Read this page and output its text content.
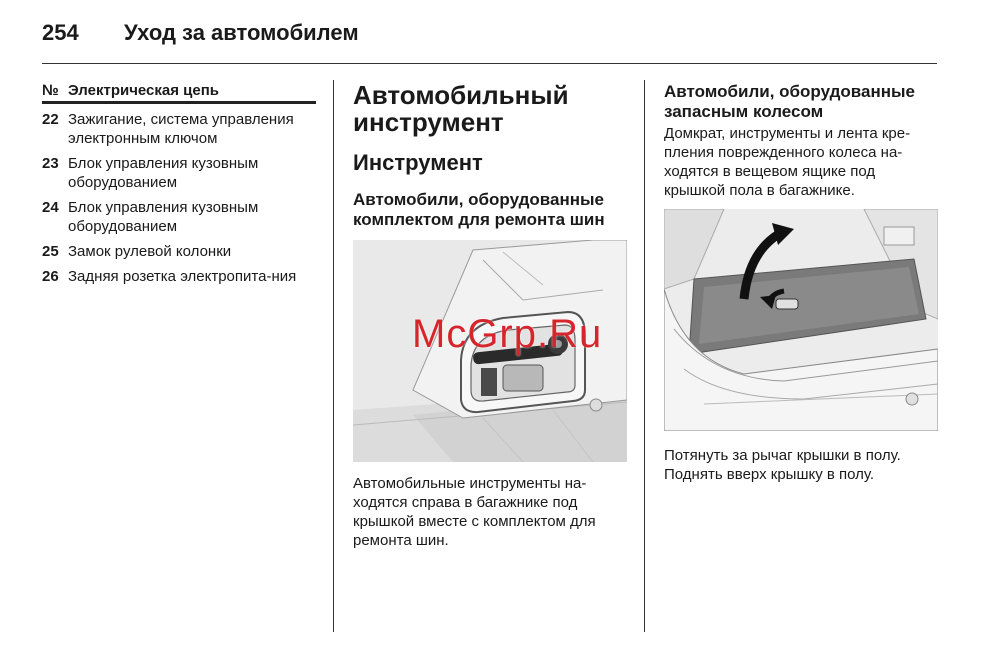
254 Уход за автомобилем
№ Электрическая цепь
22 Зажигание, система управления электронным ключом
23 Блок управления кузовным оборудованием
24 Блок управления кузовным оборудованием
25 Замок рулевой колонки
26 Задняя розетка электропита-ния
Автомобильный инструмент
Инструмент
Автомобили, оборудованные комплектом для ремонта шин

Автомобильные инструменты на-ходятся справа в багажнике под крышкой вместе с комплектом для ремонта шин.

Автомобили, оборудованные запасным колесом

Домкрат, инструменты и лента кре-пления поврежденного колеса на-ходятся в вещевом ящике под крышкой пола в багажнике.

Потянуть за рычаг крышки в полу.

Поднять вверх крышку в полу.

McGrp.Ru
